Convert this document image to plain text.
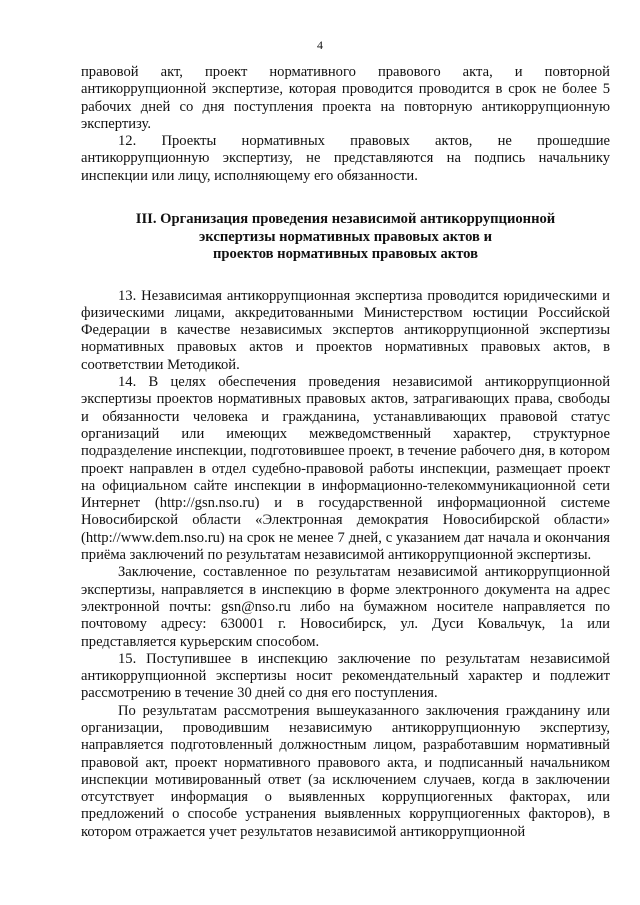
4

правовой акт, проект нормативного правового акта, и повторной антикоррупционной экспертизе, которая проводится проводится в срок не более 5 рабочих дней со дня поступления проекта на повторную антикоррупционную экспертизу.

12. Проекты нормативных правовых актов, не прошедшие антикоррупционную экспертизу, не представляются на подпись начальнику инспекции или лицу, исполняющему его обязанности.

III. Организация проведения независимой антикоррупционной
экспертизы нормативных правовых актов и
проектов нормативных правовых актов

13. Независимая антикоррупционная экспертиза проводится юридическими и физическими лицами, аккредитованными Министерством юстиции Российской Федерации в качестве независимых экспертов антикоррупционной экспертизы нормативных правовых актов и проектов нормативных правовых актов, в соответствии Методикой.

14. В целях обеспечения проведения независимой антикоррупционной экспертизы проектов нормативных правовых актов, затрагивающих права, свободы и обязанности человека и гражданина, устанавливающих правовой статус организаций или имеющих межведомственный характер, структурное подразделение инспекции, подготовившее проект, в течение рабочего дня, в котором проект направлен в отдел судебно-правовой работы инспекции, размещает проект на официальном сайте инспекции в информационно-телекоммуникационной сети Интернет (http://gsn.nso.ru) и в государственной информационной системе Новосибирской области «Электронная демократия Новосибирской области» (http://www.dem.nso.ru) на срок не менее 7 дней, с указанием дат начала и окончания приёма заключений по результатам независимой антикоррупционной экспертизы.

Заключение, составленное по результатам независимой антикоррупционной экспертизы, направляется в инспекцию в форме электронного документа на адрес электронной почты: gsn@nso.ru либо на бумажном носителе направляется по почтовому адресу: 630001 г. Новосибирск, ул. Дуси Ковальчук, 1а или представляется курьерским способом.

15. Поступившее в инспекцию заключение по результатам независимой антикоррупционной экспертизы носит рекомендательный характер и подлежит рассмотрению в течение 30 дней со дня его поступления.

По результатам рассмотрения вышеуказанного заключения гражданину или организации, проводившим независимую антикоррупционную экспертизу, направляется подготовленный должностным лицом, разработавшим нормативный правовой акт, проект нормативного правового акта, и подписанный начальником инспекции мотивированный ответ (за исключением случаев, когда в заключении отсутствует информация о выявленных коррупциогенных факторах, или предложений о способе устранения выявленных коррупциогенных факторов), в котором отражается учет результатов независимой антикоррупционной
